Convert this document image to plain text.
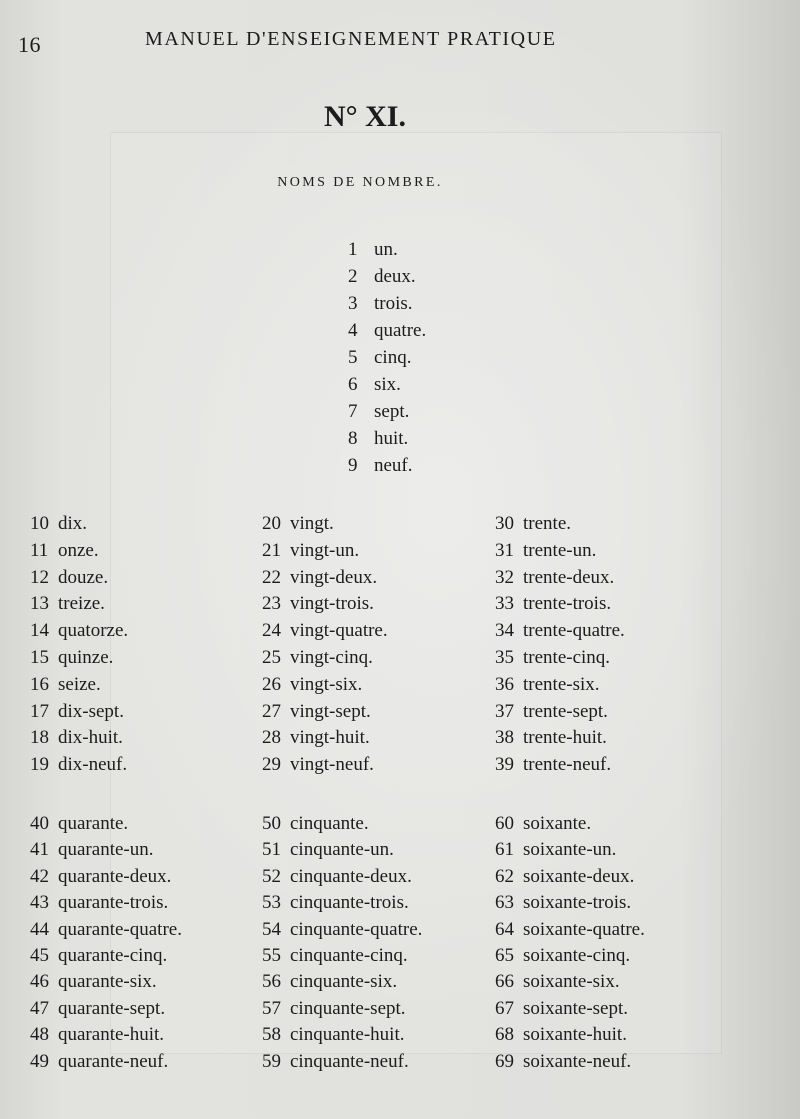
16	MANUEL D'ENSEIGNEMENT PRATIQUE
N° XI.
NOMS DE NOMBRE.
1 un.
2 deux.
3 trois.
4 quatre.
5 cinq.
6 six.
7 sept.
8 huit.
9 neuf.
10 dix.
11 onze.
12 douze.
13 treize.
14 quatorze.
15 quinze.
16 seize.
17 dix-sept.
18 dix-huit.
19 dix-neuf.
20 vingt.
21 vingt-un.
22 vingt-deux.
23 vingt-trois.
24 vingt-quatre.
25 vingt-cinq.
26 vingt-six.
27 vingt-sept.
28 vingt-huit.
29 vingt-neuf.
30 trente.
31 trente-un.
32 trente-deux.
33 trente-trois.
34 trente-quatre.
35 trente-cinq.
36 trente-six.
37 trente-sept.
38 trente-huit.
39 trente-neuf.
40 quarante.
41 quarante-un.
42 quarante-deux.
43 quarante-trois.
44 quarante-quatre.
45 quarante-cinq.
46 quarante-six.
47 quarante-sept.
48 quarante-huit.
49 quarante-neuf.
50 cinquante.
51 cinquante-un.
52 cinquante-deux.
53 cinquante-trois.
54 cinquante-quatre.
55 cinquante-cinq.
56 cinquante-six.
57 cinquante-sept.
58 cinquante-huit.
59 cinquante-neuf.
60 soixante.
61 soixante-un.
62 soixante-deux.
63 soixante-trois.
64 soixante-quatre.
65 soixante-cinq.
66 soixante-six.
67 soixante-sept.
68 soixante-huit.
69 soixante-neuf.
